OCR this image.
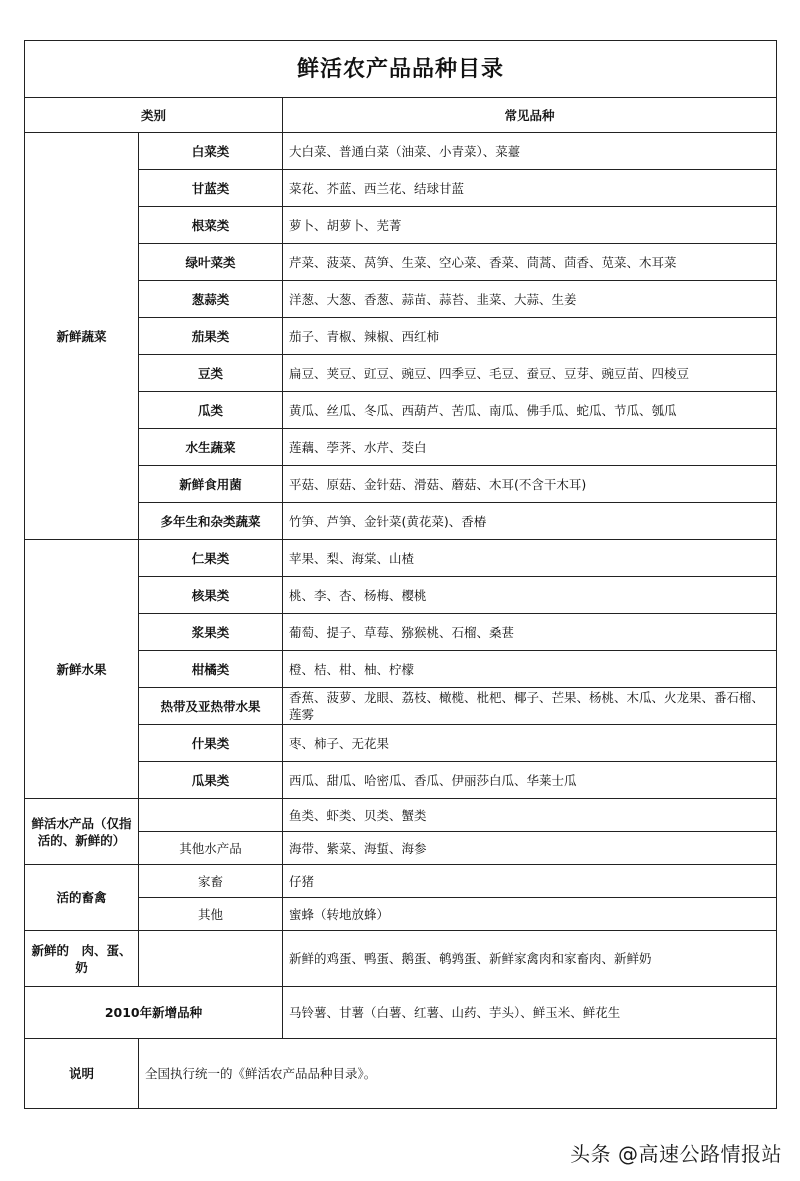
鲜活农产品品种目录		
类别		常见品种
新鲜蔬菜	白菜类	大白菜、普通白菜（油菜、小青菜）、菜薹
	甘蓝类	菜花、芥蓝、西兰花、结球甘蓝
	根菜类	萝卜、胡萝卜、芜菁
	绿叶菜类	芹菜、菠菜、莴笋、生菜、空心菜、香菜、茼蒿、茴香、苋菜、木耳菜
	葱蒜类	洋葱、大葱、香葱、蒜苗、蒜苔、韭菜、大蒜、生姜
	茄果类	茄子、青椒、辣椒、西红柿
	豆类	扁豆、荚豆、豇豆、豌豆、四季豆、毛豆、蚕豆、豆芽、豌豆苗、四棱豆
	瓜类	黄瓜、丝瓜、冬瓜、西葫芦、苦瓜、南瓜、佛手瓜、蛇瓜、节瓜、瓠瓜
	水生蔬菜	莲藕、荸荠、水芹、茭白
	新鲜食用菌	平菇、原菇、金针菇、滑菇、蘑菇、木耳(不含干木耳)
	多年生和杂类蔬菜	竹笋、芦笋、金针菜(黄花菜)、香椿
新鲜水果	仁果类	苹果、梨、海棠、山楂
	核果类	桃、李、杏、杨梅、樱桃
	浆果类	葡萄、提子、草莓、猕猴桃、石榴、桑葚
	柑橘类	橙、桔、柑、柚、柠檬
	热带及亚热带水果	香蕉、菠萝、龙眼、荔枝、橄榄、枇杷、椰子、芒果、杨桃、木瓜、火龙果、番石榴、莲雾
	什果类	枣、柿子、无花果
	瓜果类	西瓜、甜瓜、哈密瓜、香瓜、伊丽莎白瓜、华莱士瓜
鲜活水产品（仅指活的、新鲜的）		鱼类、虾类、贝类、蟹类
	其他水产品	海带、紫菜、海蜇、海参
活的畜禽	家畜	仔猪
	其他	蜜蜂（转地放蜂）
新鲜的　肉、蛋、奶		新鲜的鸡蛋、鸭蛋、鹅蛋、鹌鹑蛋、新鲜家禽肉和家畜肉、新鲜奶
2010年新增品种		马铃薯、甘薯（白薯、红薯、山药、芋头）、鲜玉米、鲜花生
说明	全国执行统一的《鲜活农产品品种目录》。	
头条 @高速公路情报站
